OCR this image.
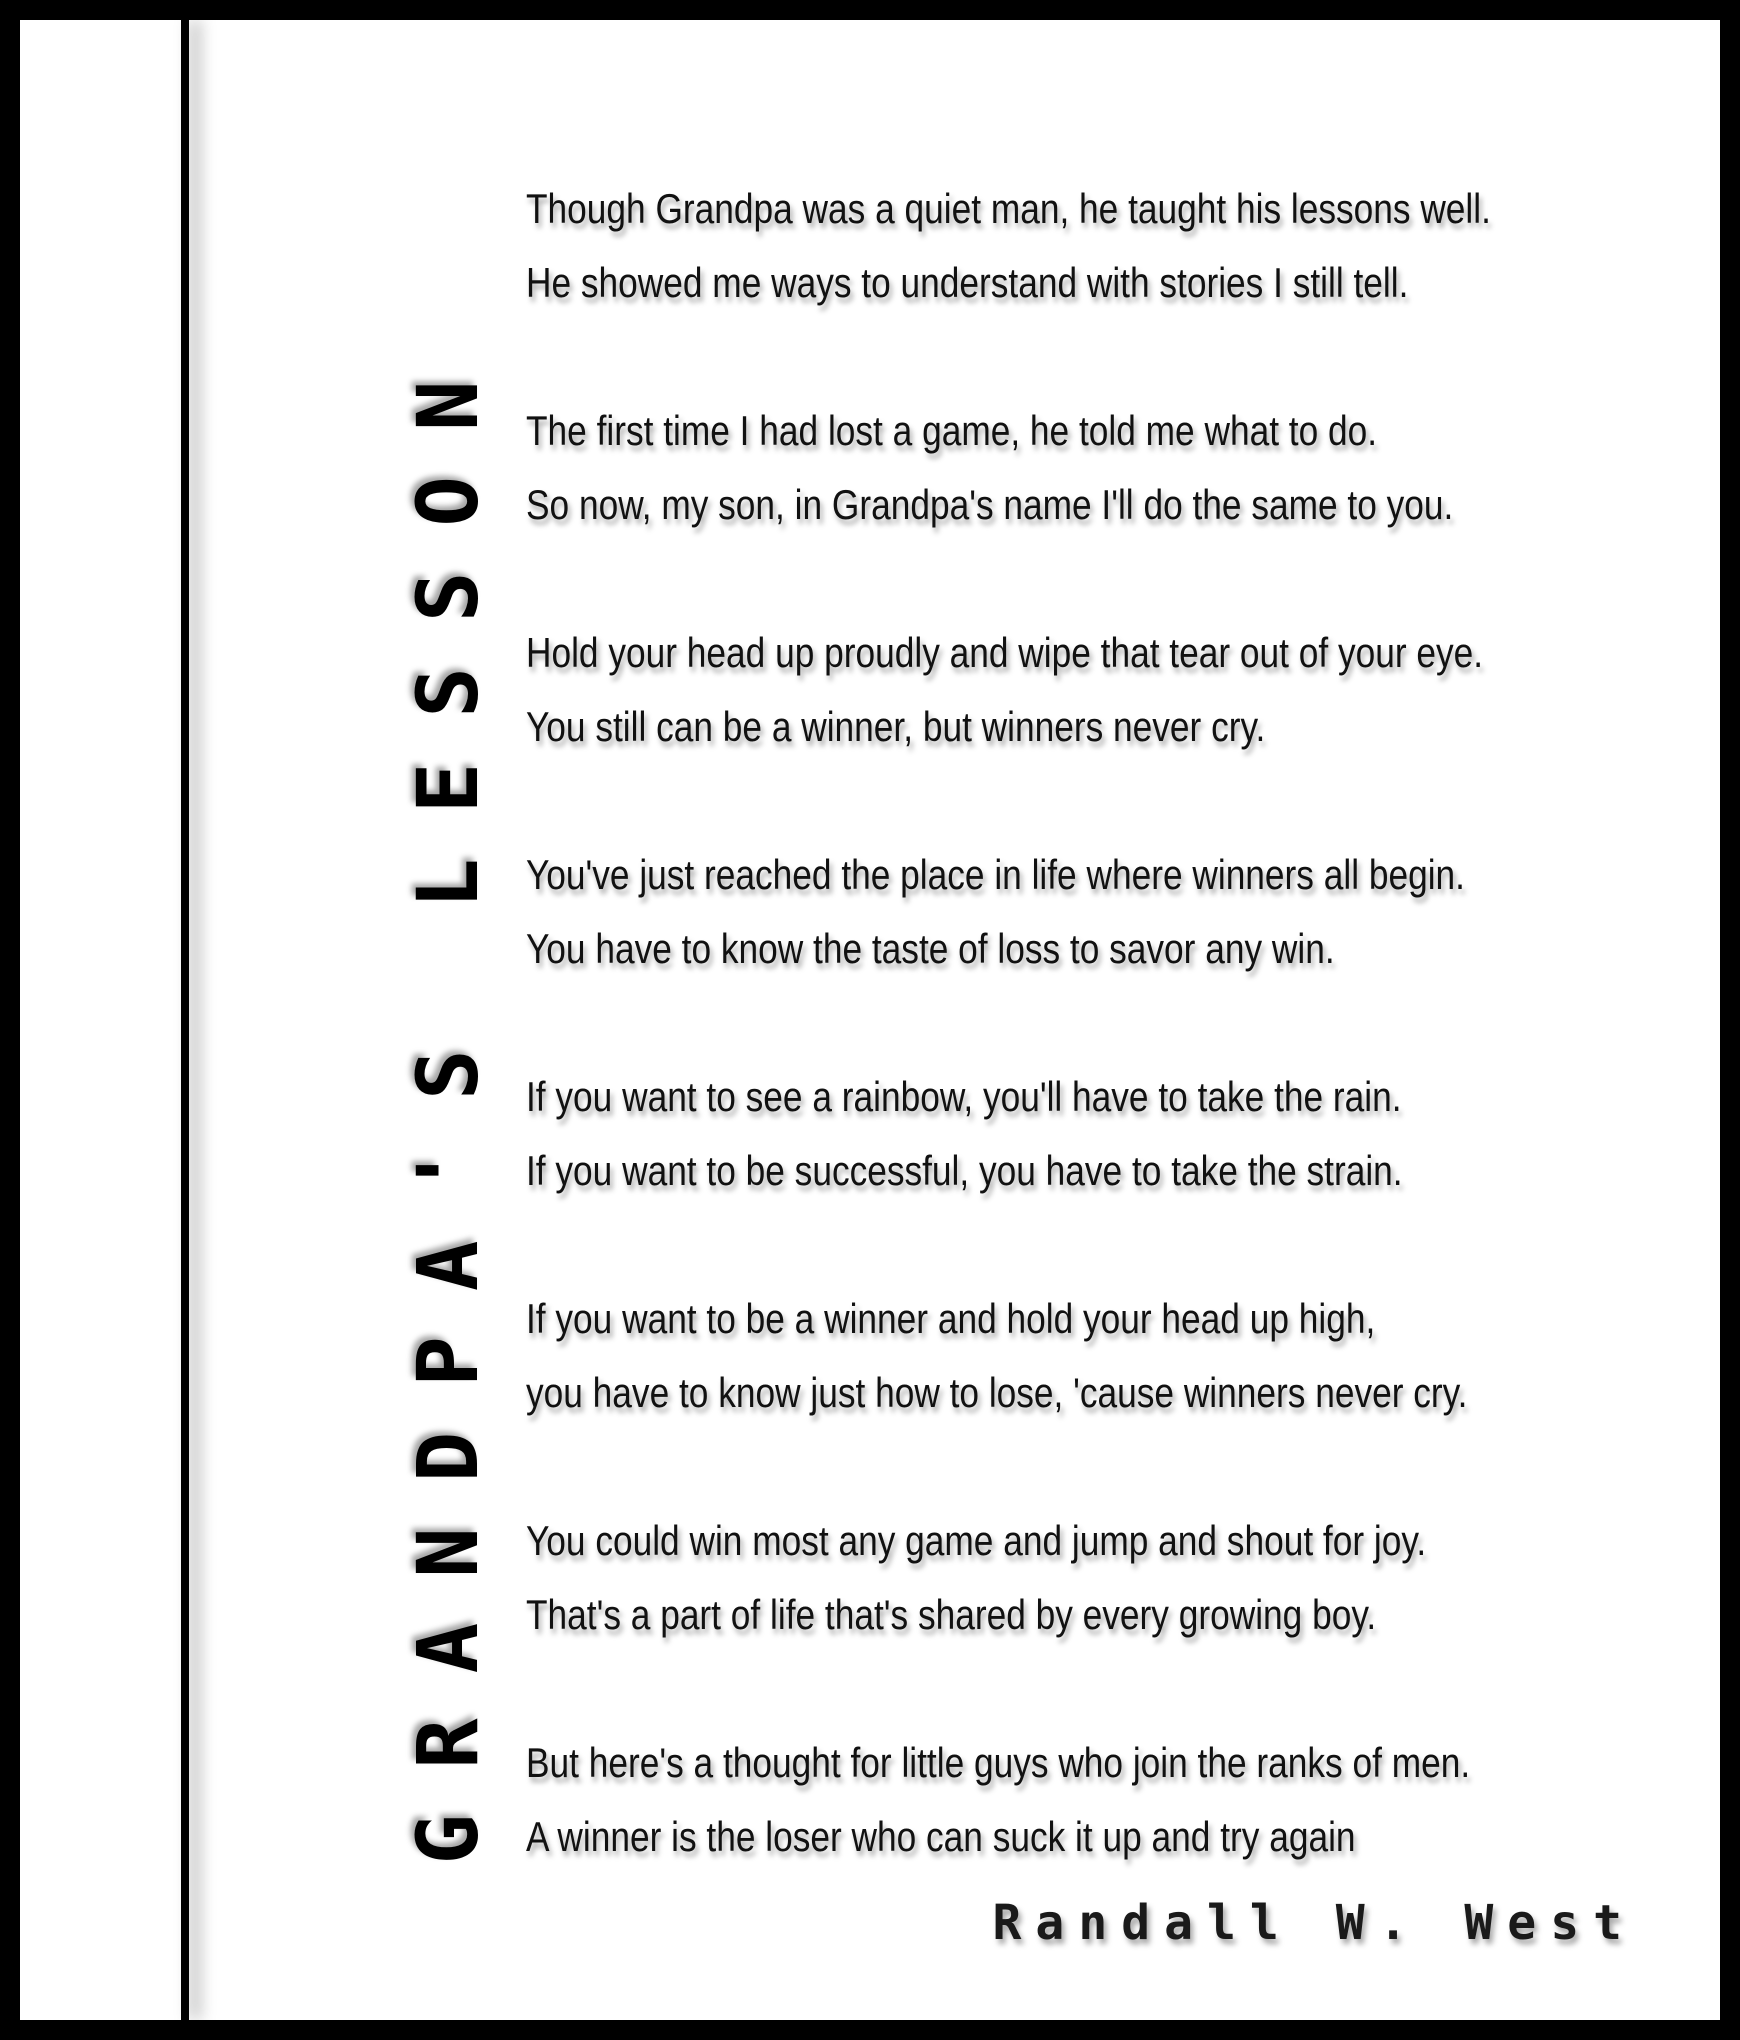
GRANDPA'S LESSON
Though Grandpa was a quiet man, he taught his lessons well.
He showed me ways to understand with stories I still tell.
The first time I had lost a game, he told me what to do.
So now, my son, in Grandpa's name I'll do the same to you.
Hold your head up proudly and wipe that tear out of your eye.
You still can be a winner, but winners never cry.
You've just reached the place in life where winners all begin.
You have to know the taste of loss to savor any win.
If you want to see a rainbow, you'll have to take the rain.
If you want to be successful, you have to take the strain.
If you want to be a winner and hold your head up high,
you have to know just how to lose, 'cause winners never cry.
You could win most any game and jump and shout for joy.
That's a part of life that's shared by every growing boy.
But here's a thought for little guys who join the ranks of men.
A winner is the loser who can suck it up and try again
Randall W. West
